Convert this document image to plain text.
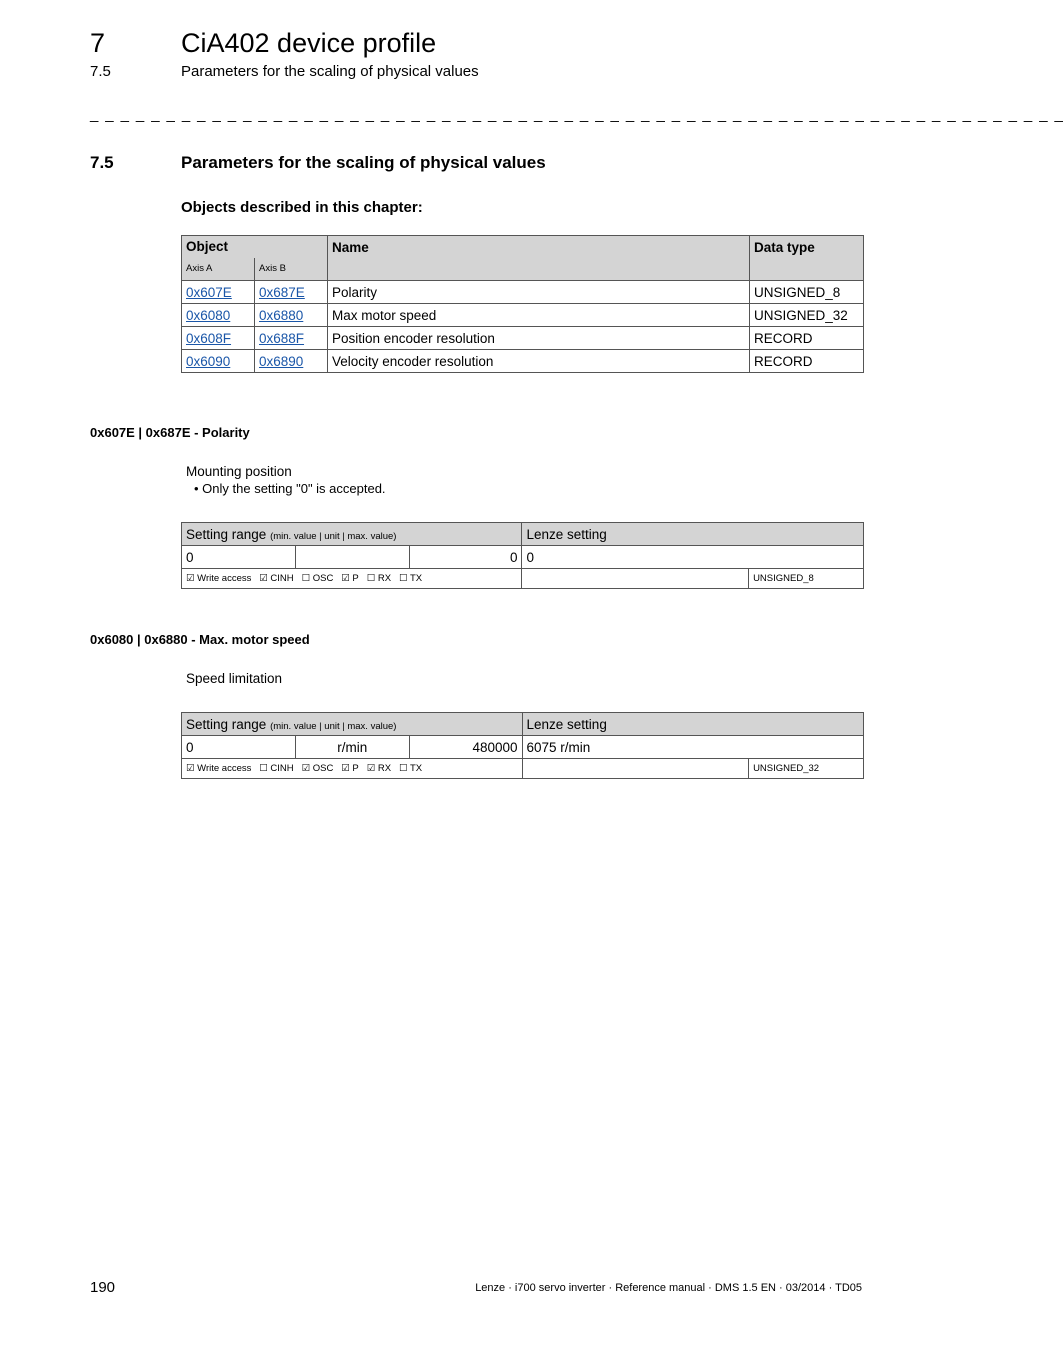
7	CiA402 device profile
7.5	Parameters for the scaling of physical values
_ _ _ _ _ _ _ _ _ _ _ _ _ _ _ _ _ _ _ _ _ _ _ _ _ _ _ _ _ _ _ _ _ _ _ _ _ _ _ _ _ _ _ _ _ _ _ _ _ _ _ _ _ _ _ _ _ _ _ _ _ _ _ _
7.5	Parameters for the scaling of physical values
Objects described in this chapter:
Object		Name	Data type
Axis A	Axis B		
0x607E	0x687E	Polarity	UNSIGNED_8
0x6080	0x6880	Max motor speed	UNSIGNED_32
0x608F	0x688F	Position encoder resolution	RECORD
0x6090	0x6890	Velocity encoder resolution	RECORD
0x607E | 0x687E - Polarity
Mounting position
• Only the setting "0" is accepted.
Setting range (min. value | unit | max. value)			Lenze setting	
0		0	0	
☑ Write access ☑ CINH ☐ OSC ☑ P ☐ RX ☐ TX				UNSIGNED_8
0x6080 | 0x6880 - Max. motor speed
Speed limitation
Setting range (min. value | unit | max. value)			Lenze setting	
0	r/min	480000	6075 r/min	
☑ Write access ☐ CINH ☑ OSC ☑ P ☑ RX ☐ TX				UNSIGNED_32
190	Lenze · i700 servo inverter · Reference manual · DMS 1.5 EN · 03/2014 · TD05
